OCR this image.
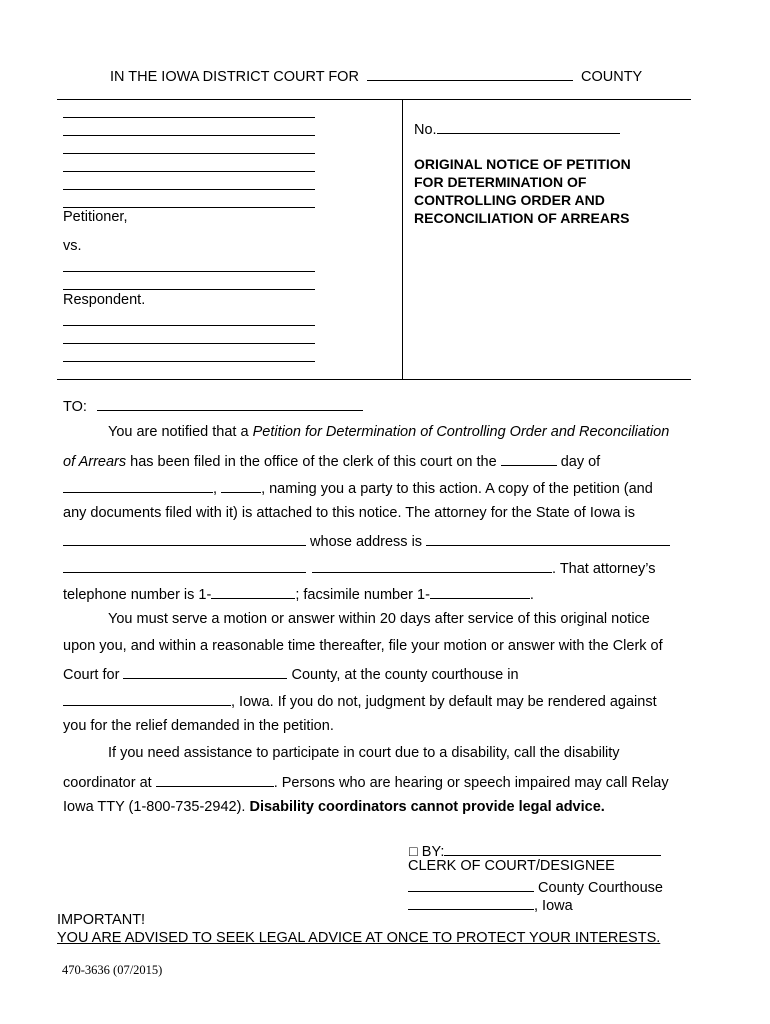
IN THE IOWA DISTRICT COURT FOR	COUNTY
Petitioner,
vs.
Respondent.
No.
ORIGINAL NOTICE OF PETITION
FOR DETERMINATION OF
CONTROLLING ORDER AND
RECONCILIATION OF ARREARS
TO:
You are notified that a Petition for Determination of Controlling Order and Reconciliation
of Arrears has been filed in the office of the clerk of this court on the	day of
,	, naming you a party to this action. A copy of the petition (and
any documents filed with it) is attached to this notice. The attorney for the State of Iowa is
whose address is
. That attorney’s
telephone number is 1-	; facsimile number 1-	.
You must serve a motion or answer within 20 days after service of this original notice
upon you, and within a reasonable time thereafter, file your motion or answer with the Clerk of
Court for	County, at the county courthouse in
, Iowa. If you do not, judgment by default may be rendered against
you for the relief demanded in the petition.
If you need assistance to participate in court due to a disability, call the disability
coordinator at	. Persons who are hearing or speech impaired may call Relay
Iowa TTY (1-800-735-2942). Disability coordinators cannot provide legal advice.
□ BY:
CLERK OF COURT/DESIGNEE
County Courthouse
, Iowa
IMPORTANT!
YOU ARE ADVISED TO SEEK LEGAL ADVICE AT ONCE TO PROTECT YOUR INTERESTS.
470-3636 (07/2015)
